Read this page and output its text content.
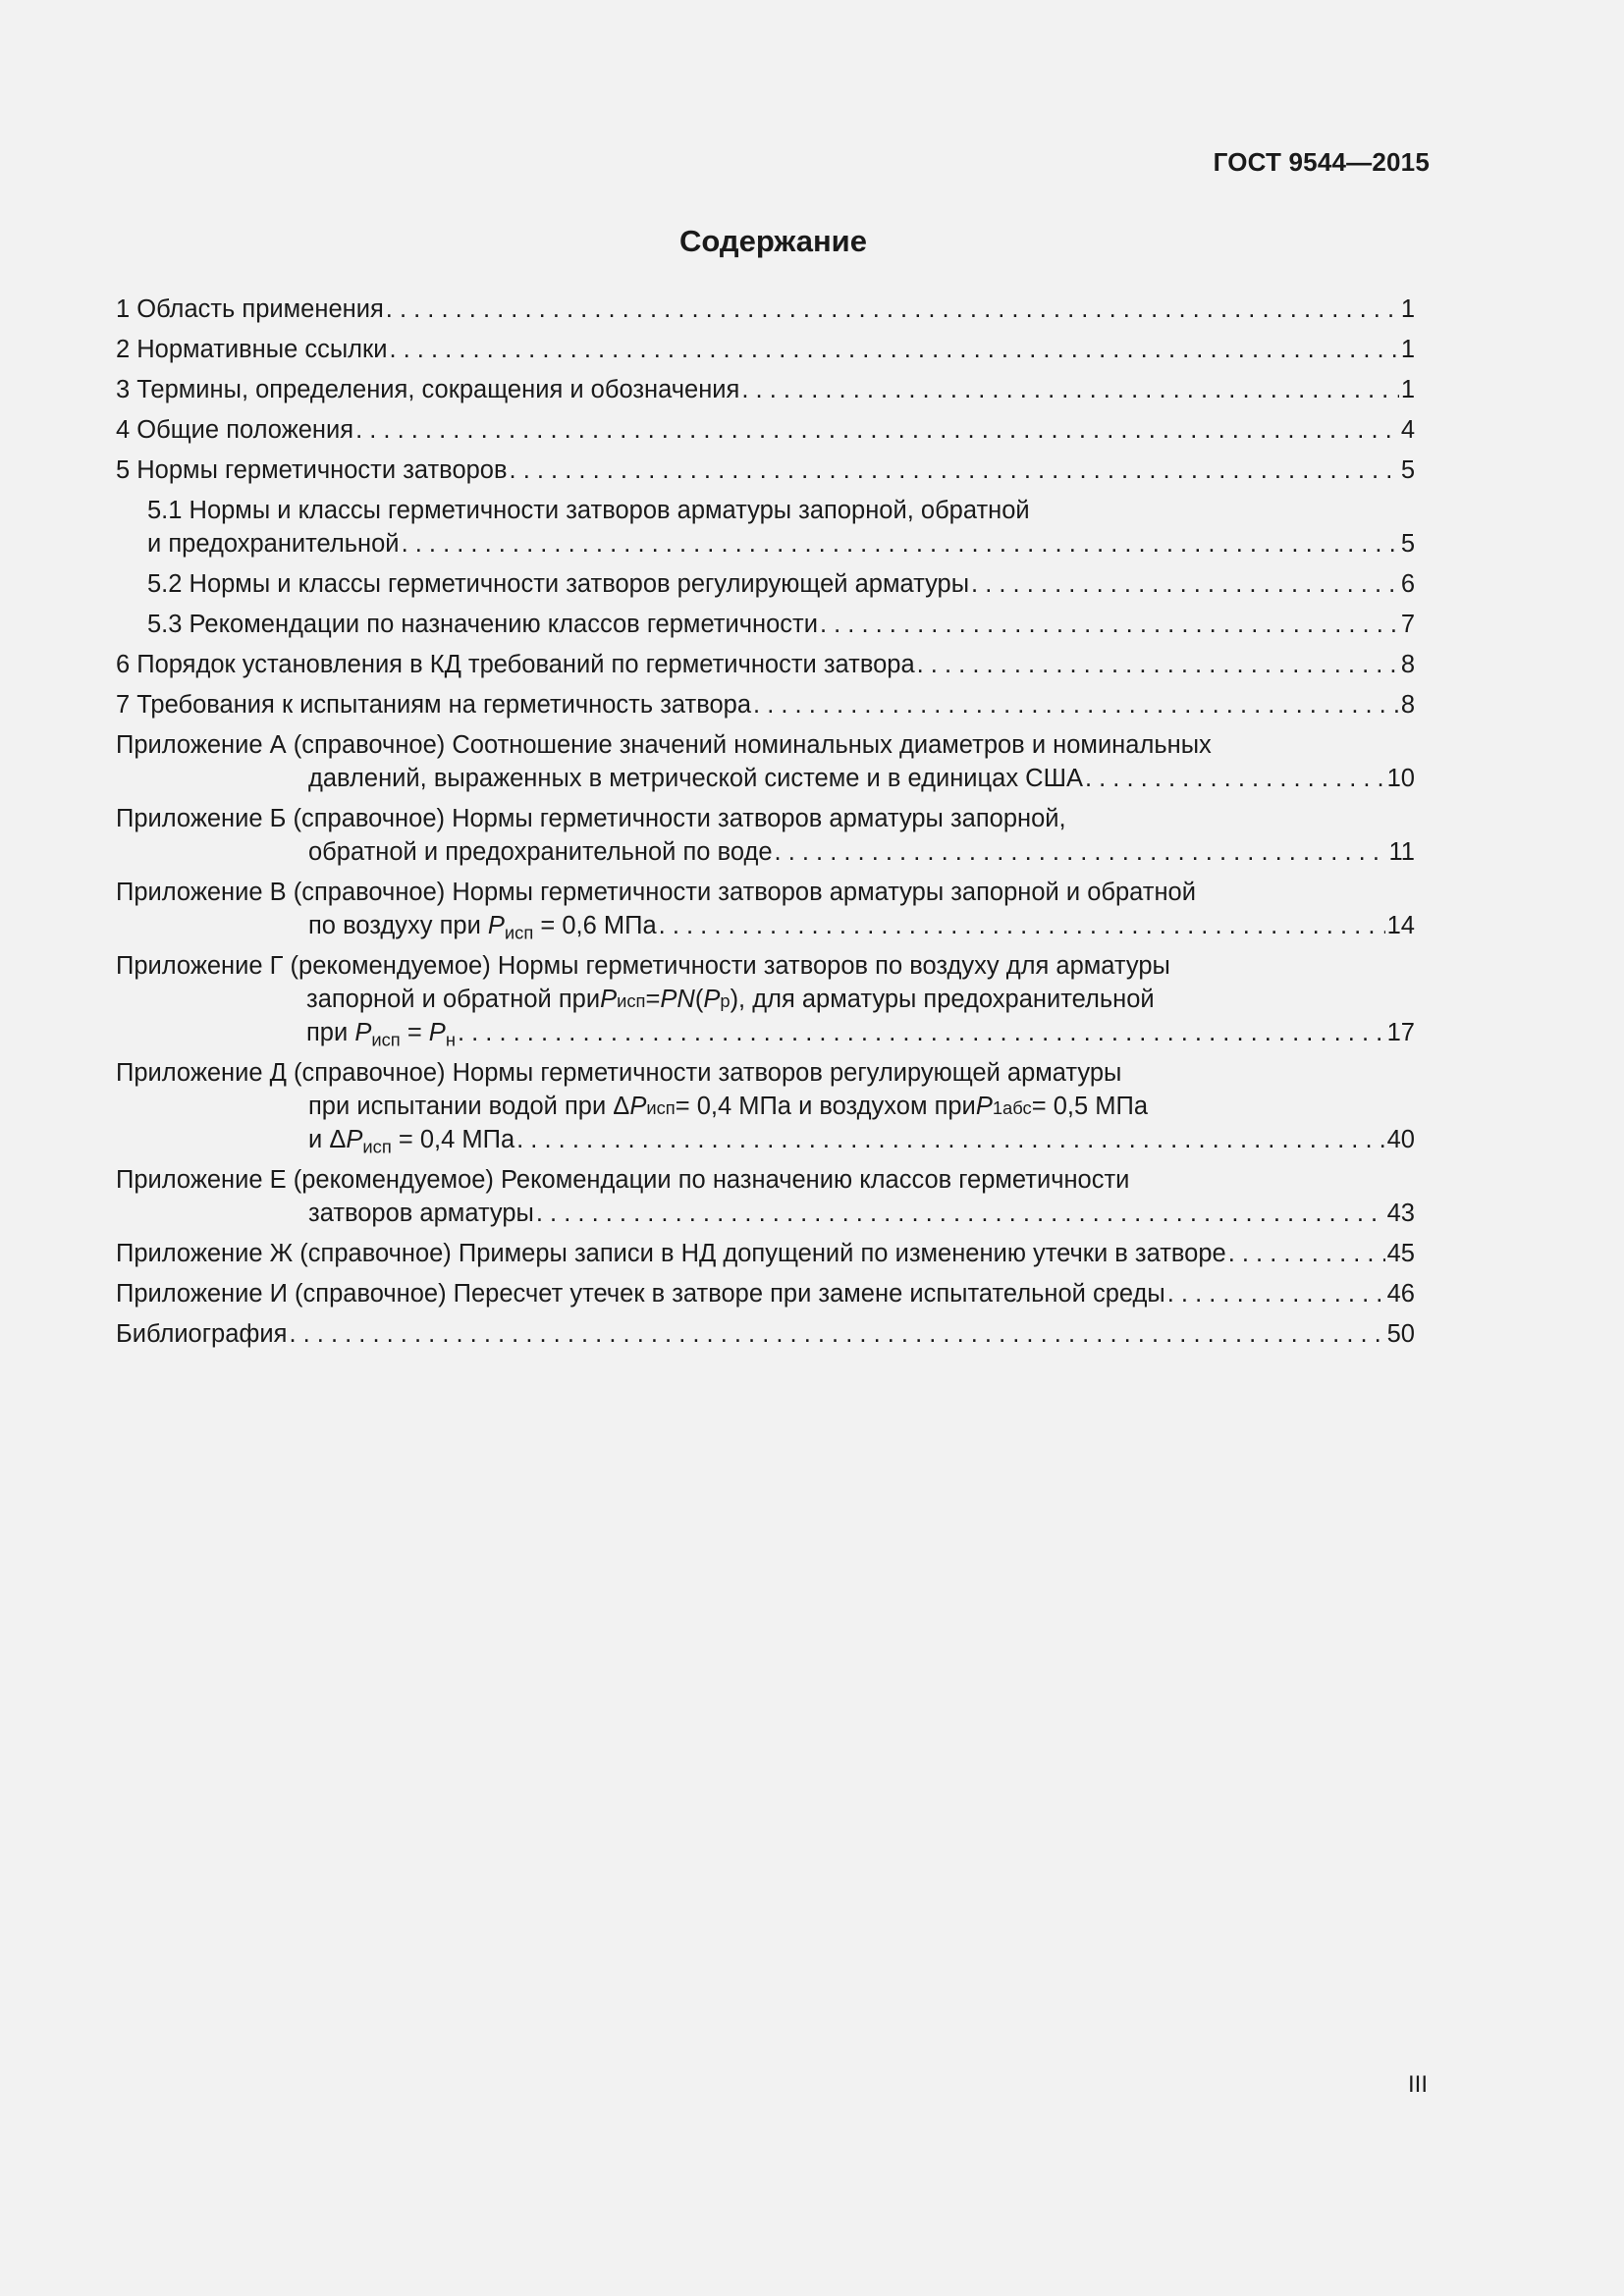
ГОСТ 9544—2015
Содержание
1 Область применения . . .	1
2 Нормативные ссылки . . .	1
3 Термины, определения, сокращения и обозначения . . .	1
4 Общие положения . . .	4
5 Нормы герметичности затворов . . .	5
5.1 Нормы и классы герметичности затворов арматуры запорной, обратной
и предохранительной . . .	5
5.2 Нормы и классы герметичности затворов регулирующей арматуры . . .	6
5.3 Рекомендации по назначению классов герметичности . . .	7
6 Порядок установления в КД требований по герметичности затвора . . .	8
7 Требования к испытаниям на герметичность затвора . . .	8
Приложение А (справочное) Соотношение значений номинальных диаметров и номинальных
давлений, выраженных в метрической системе и в единицах США . . .	10
Приложение Б (справочное) Нормы герметичности затворов арматуры запорной,
обратной и предохранительной по воде . . .	11
Приложение В (справочное) Нормы герметичности затворов арматуры запорной и обратной
по воздуху при $P_{исп} = 0,6$ МПа . . .	14
Приложение Г (рекомендуемое) Нормы герметичности затворов по воздуху для арматуры
запорной и обратной при P исп = PN ( P р ), для арматуры предохранительной
при $P_{исп} = P_н$ . . .	17
Приложение Д (справочное) Нормы герметичности затворов регулирующей арматуры
при испытании водой при Δ P исп = 0,4 МПа и воздухом при P 1абс = 0,5 МПа
и $\Delta P_{исп} = 0,4$ МПа . . .	40
Приложение Е (рекомендуемое) Рекомендации по назначению классов герметичности
затворов арматуры . . .	43
Приложение Ж (справочное) Примеры записи в НД допущений по изменению утечки в затворе . . .	45
Приложение И (справочное) Пересчет утечек в затворе при замене испытательной среды . . .	46
Библиография . . .	50
III
